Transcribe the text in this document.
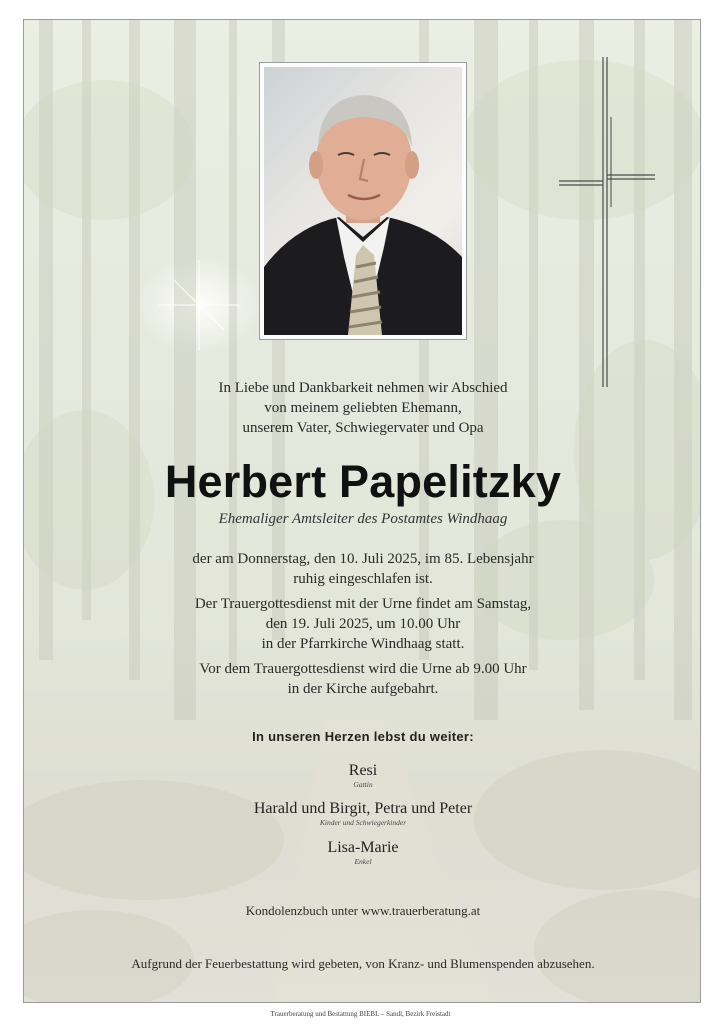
In Liebe und Dankbarkeit nehmen wir Abschied
von meinem geliebten Ehemann,
unserem Vater, Schwiegervater und Opa
Herbert Papelitzky
Ehemaliger Amtsleiter des Postamtes Windhaag
der am Donnerstag, den 10. Juli 2025, im 85. Lebensjahr
ruhig eingeschlafen ist.
Der Trauergottesdienst mit der Urne findet am Samstag,
den 19. Juli 2025, um 10.00 Uhr
in der Pfarrkirche Windhaag statt.
Vor dem Trauergottesdienst wird die Urne ab 9.00 Uhr
in der Kirche aufgebahrt.
In unseren Herzen lebst du weiter:
Resi
Gattin
Harald und Birgit, Petra und Peter
Kinder und Schwiegerkinder
Lisa-Marie
Enkel
Kondolenzbuch unter www.trauerberatung.at
Aufgrund der Feuerbestattung wird gebeten, von Kranz- und Blumenspenden abzusehen.
Trauerberatung und Bestattung BIEBL – Sandl, Bezirk Freistadt
